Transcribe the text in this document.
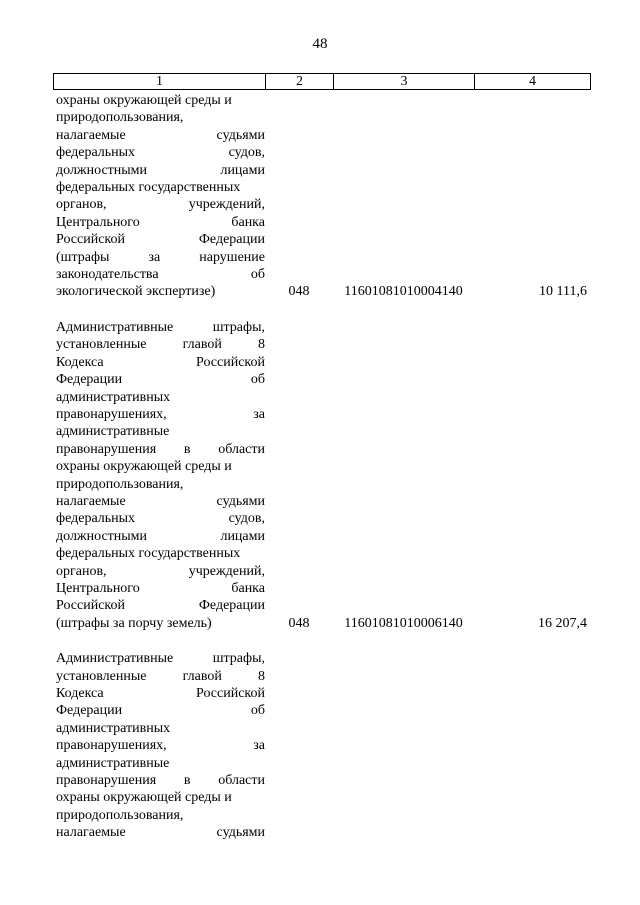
48
1	2	3	4
охраны окружающей среды и
природопользования,
налагаемые судьями
федеральных судов,
должностными лицами
федеральных государственных
органов, учреждений,
Центрального банка
Российской Федерации
(штрафы за нарушение
законодательства об
экологической экспертизе)	048	11601081010004140	10 111,6
Административные штрафы,
установленные главой 8
Кодекса Российской
Федерации об
административных
правонарушениях, за
административные
правонарушения в области
охраны окружающей среды и
природопользования,
налагаемые судьями
федеральных судов,
должностными лицами
федеральных государственных
органов, учреждений,
Центрального банка
Российской Федерации
(штрафы за порчу земель)	048	11601081010006140	16 207,4
Административные штрафы,
установленные главой 8
Кодекса Российской
Федерации об
административных
правонарушениях, за
административные
правонарушения в области
охраны окружающей среды и
природопользования,
налагаемые судьями
